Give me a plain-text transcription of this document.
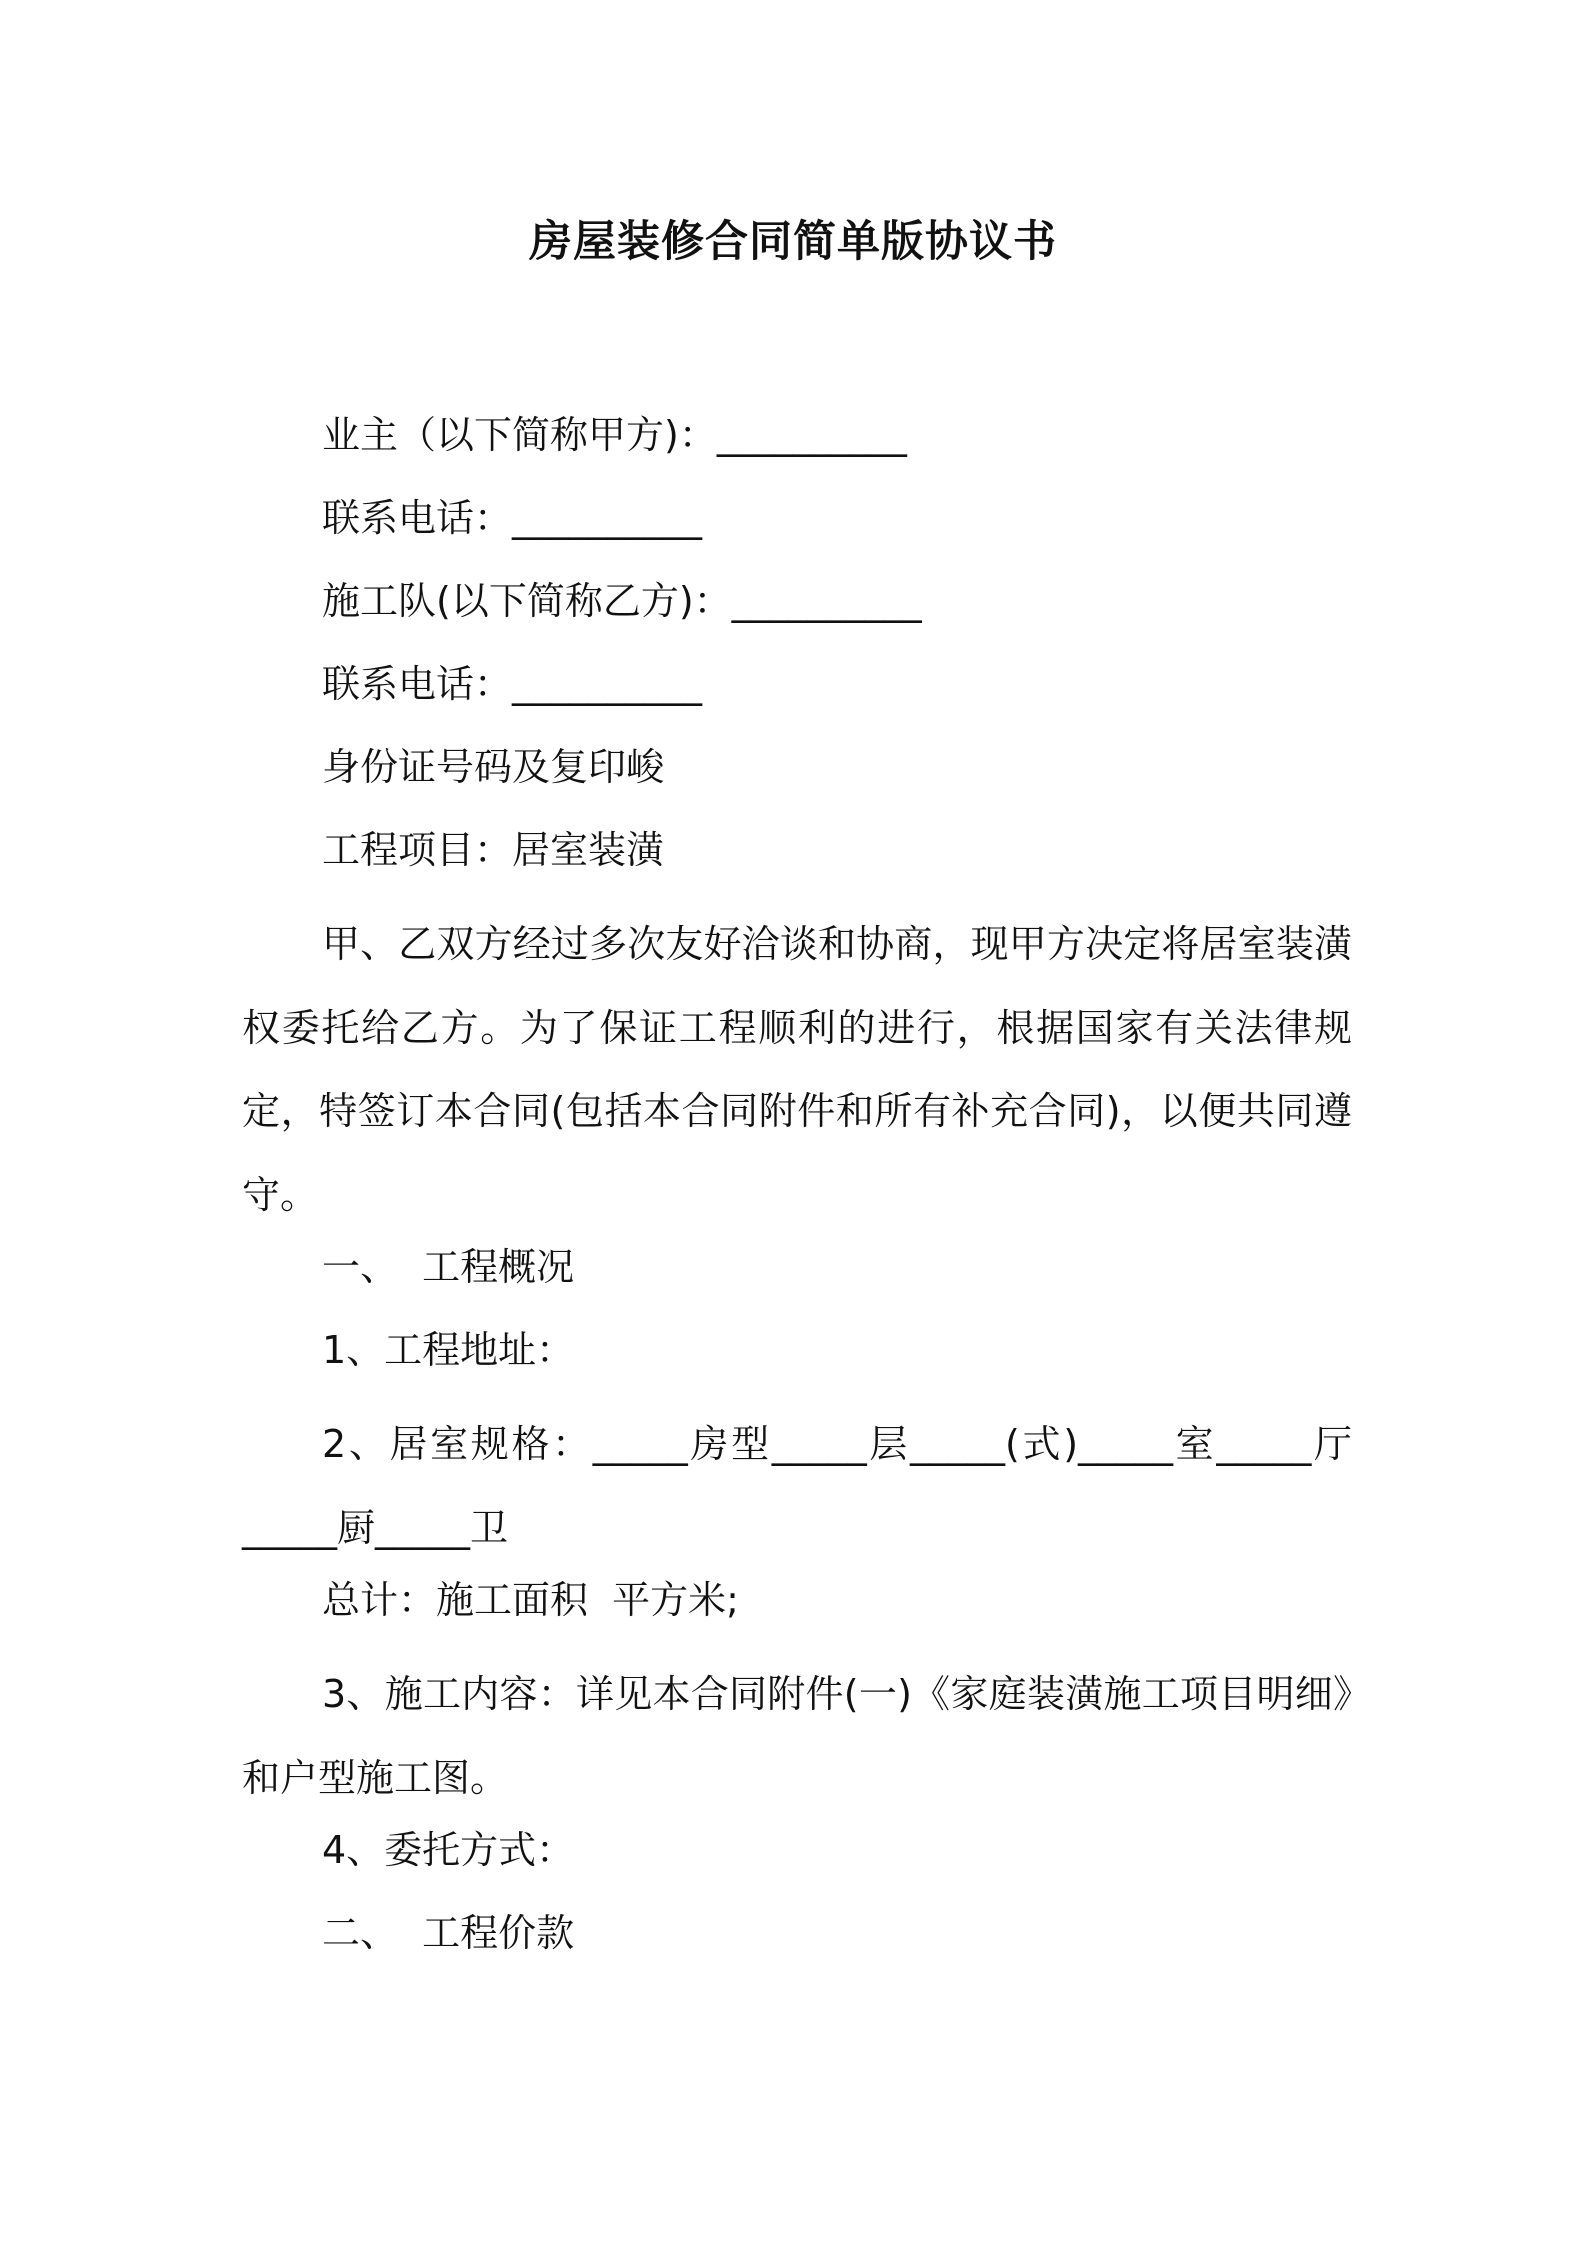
房屋装修合同简单版协议书
业主（以下简称甲方)：__________
联系电话：__________
施工队(以下简称乙方)：__________
联系电话：__________
身份证号码及复印峻
工程项目：居室装潢

甲、乙双方经过多次友好洽谈和协商，现甲方决定将居室装潢权委托给乙方。为了保证工程顺利的进行，根据国家有关法律规定，特签订本合同(包括本合同附件和所有补充合同)，以便共同遵守。

一、  工程概况
1、工程地址：

2、居室规格：_____房型_____层_____(式)_____室_____厅_____厨_____卫

总计：施工面积  平方米;

3、施工内容：详见本合同附件(一)《家庭装潢施工项目明细》和户型施工图。

4、委托方式：
二、  工程价款
